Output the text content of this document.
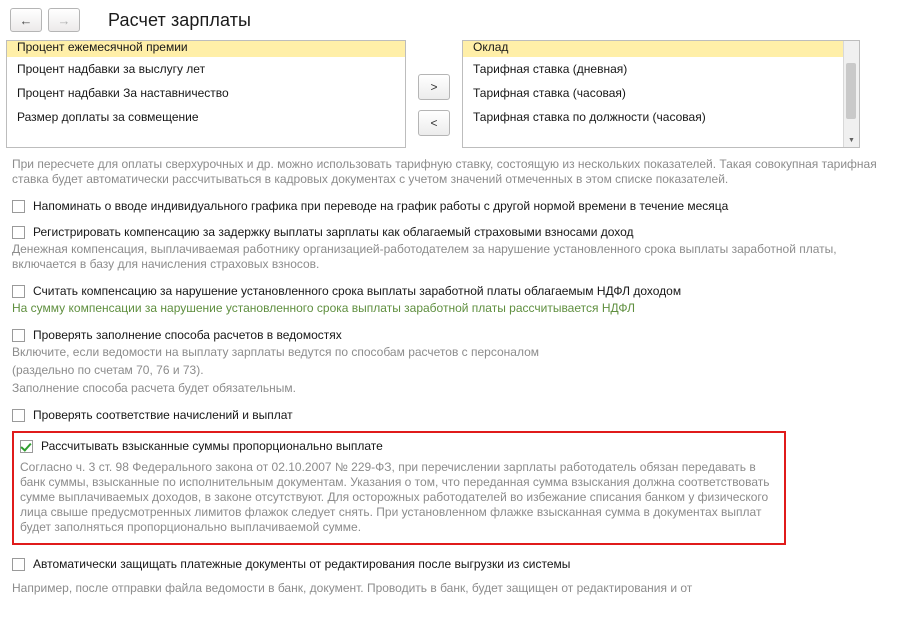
← → Расчет зарплаты
Процент ежемесячной премии
Процент надбавки за выслугу лет
Процент надбавки За наставничество
Размер доплаты за совмещение
>
<
Оклад
Тарифная ставка (дневная)
Тарифная ставка (часовая)
Тарифная ставка по должности (часовая)
▼
При пересчете для оплаты сверхурочных и др. можно использовать тарифную ставку, состоящую из нескольких показателей. Такая совокупная тарифная ставка будет автоматически рассчитываться в кадровых документах с учетом значений отмеченных в этом списке показателей.
Напоминать о вводе индивидуального графика при переводе на график работы с другой нормой времени в течение месяца
Регистрировать компенсацию за задержку выплаты зарплаты как облагаемый страховыми взносами доход
Денежная компенсация, выплачиваемая работнику организацией-работодателем за нарушение установленного срока выплаты заработной платы, включается в базу для начисления страховых взносов.
Считать компенсацию за нарушение установленного срока выплаты заработной платы облагаемым НДФЛ доходом
На сумму компенсации за нарушение установленного срока выплаты заработной платы рассчитывается НДФЛ
Проверять заполнение способа расчетов в ведомостях
Включите, если ведомости на выплату зарплаты ведутся по способам расчетов с персоналом
(раздельно по счетам 70, 76 и 73).
Заполнение способа расчета будет обязательным.
Проверять соответствие начислений и выплат
Рассчитывать взысканные суммы пропорционально выплате
Согласно ч. 3 ст. 98 Федерального закона от 02.10.2007 № 229-ФЗ, при перечислении зарплаты работодатель обязан передавать в банк суммы, взысканные по исполнительным документам. Указания о том, что переданная сумма взыскания должна соответствовать сумме выплачиваемых доходов, в законе отсутствуют. Для осторожных работодателей во избежание списания банком у физического лица свыше предусмотренных лимитов флажок следует снять. При установленном флажке взысканная сумма в документах выплат будет заполняться пропорционально выплачиваемой сумме.
Автоматически защищать платежные документы от редактирования после выгрузки из системы
Например, после отправки файла ведомости в банк, документ. Проводить в банк, будет защищен от редактирования и от
